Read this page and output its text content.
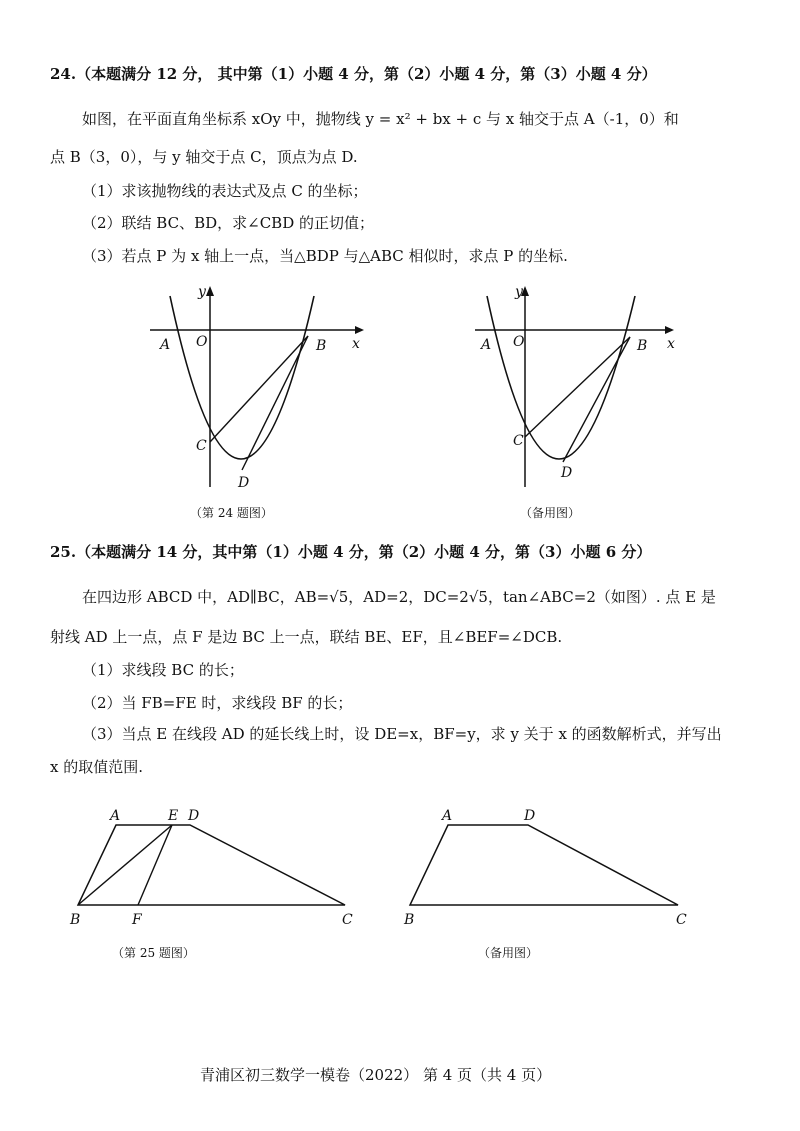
24.（本题满分 12 分， 其中第（1）小题 4 分，第（2）小题 4 分，第（3）小题 4 分）
如图，在平面直角坐标系 xOy 中，抛物线 y = x² + bx + c 与 x 轴交于点 A（-1，0）和
点 B（3，0），与 y 轴交于点 C，顶点为点 D.
（1）求该抛物线的表达式及点 C 的坐标；
（2）联结 BC、BD，求∠CBD 的正切值；
（3）若点 P 为 x 轴上一点，当△BDP 与△ABC 相似时，求点 P 的坐标.
y
x
A O	B
C
D
（第 24 题图）
y
x
A O	B
C
D
（备用图）
25.（本题满分 14 分，其中第（1）小题 4 分，第（2）小题 4 分，第（3）小题 6 分）
在四边形 ABCD 中，AD∥BC，AB=√5，AD=2，DC=2√5，tan∠ABC=2（如图）. 点 E 是
射线 AD 上一点，点 F 是边 BC 上一点，联结 BE、EF，且∠BEF=∠DCB.
（1）求线段 BC 的长；
（2）当 FB=FE 时，求线段 BF 的长；
（3）当点 E 在线段 AD 的延长线上时，设 DE=x，BF=y，求 y 关于 x 的函数解析式，并写出
x 的取值范围.
A	E D
B	F	C
（第 25 题图）
A	D
B	C
（备用图）
青浦区初三数学一模卷（2022） 第 4 页（共 4 页）
